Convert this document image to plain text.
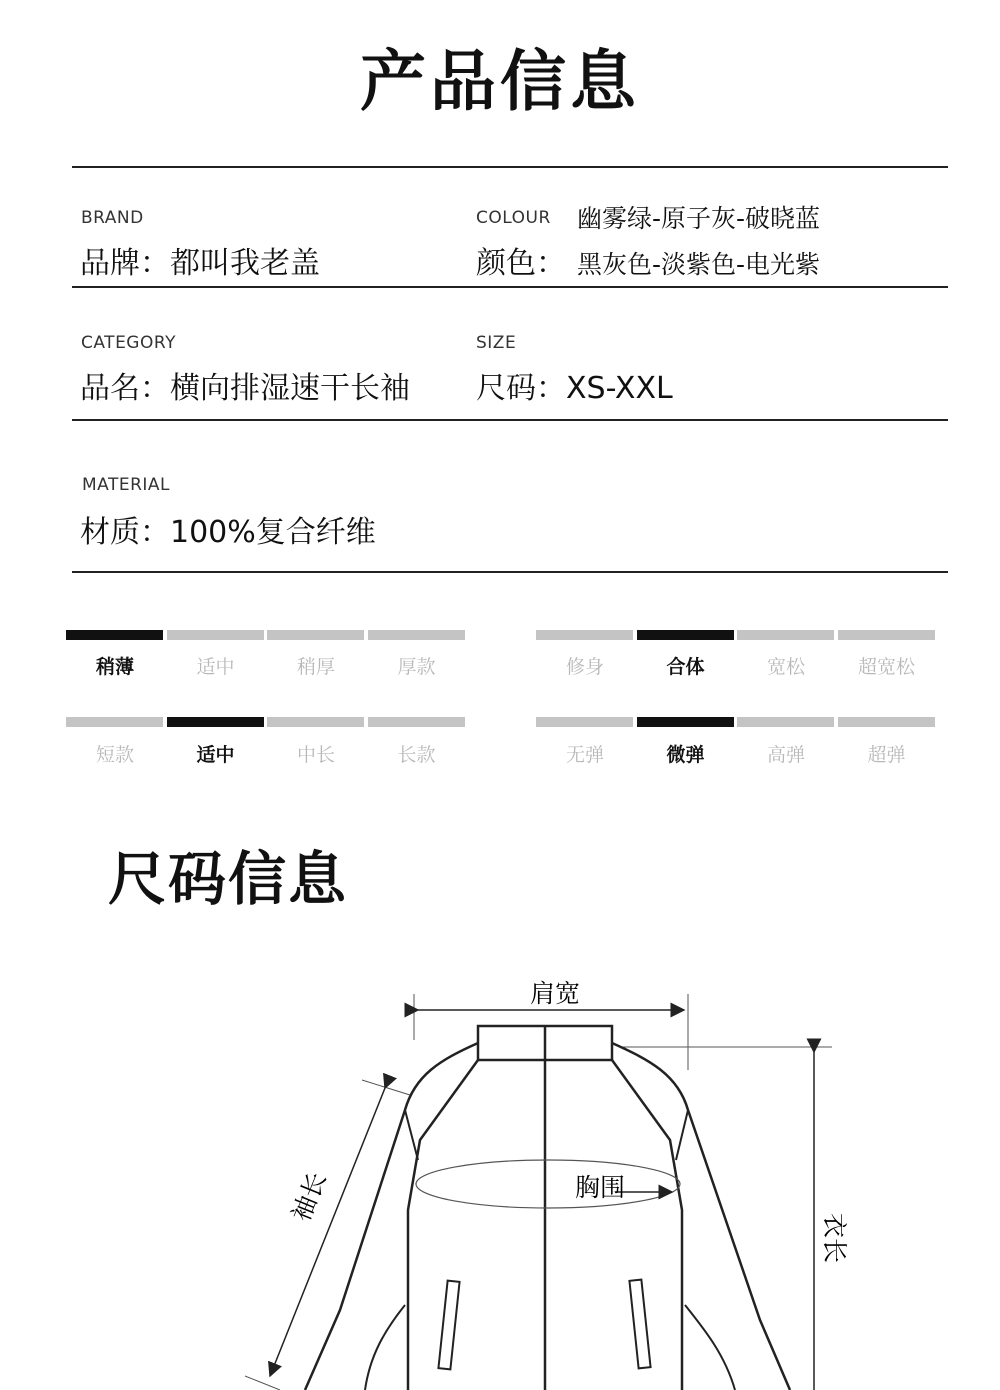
产品信息
BRAND
品牌：都叫我老盖
COLOUR
颜色：
幽雾绿-原子灰-破晓蓝
黑灰色-淡紫色-电光紫
CATEGORY
品名：横向排湿速干长袖
SIZE
尺码：XS-XXL
MATERIAL
材质：100%复合纤维
稍薄	适中	稍厚	厚款	修身	合体	宽松	超宽松
短款	适中	中长	长款	无弹	微弹	高弹	超弹
尺码信息
肩宽
胸围
袖长
衣长
